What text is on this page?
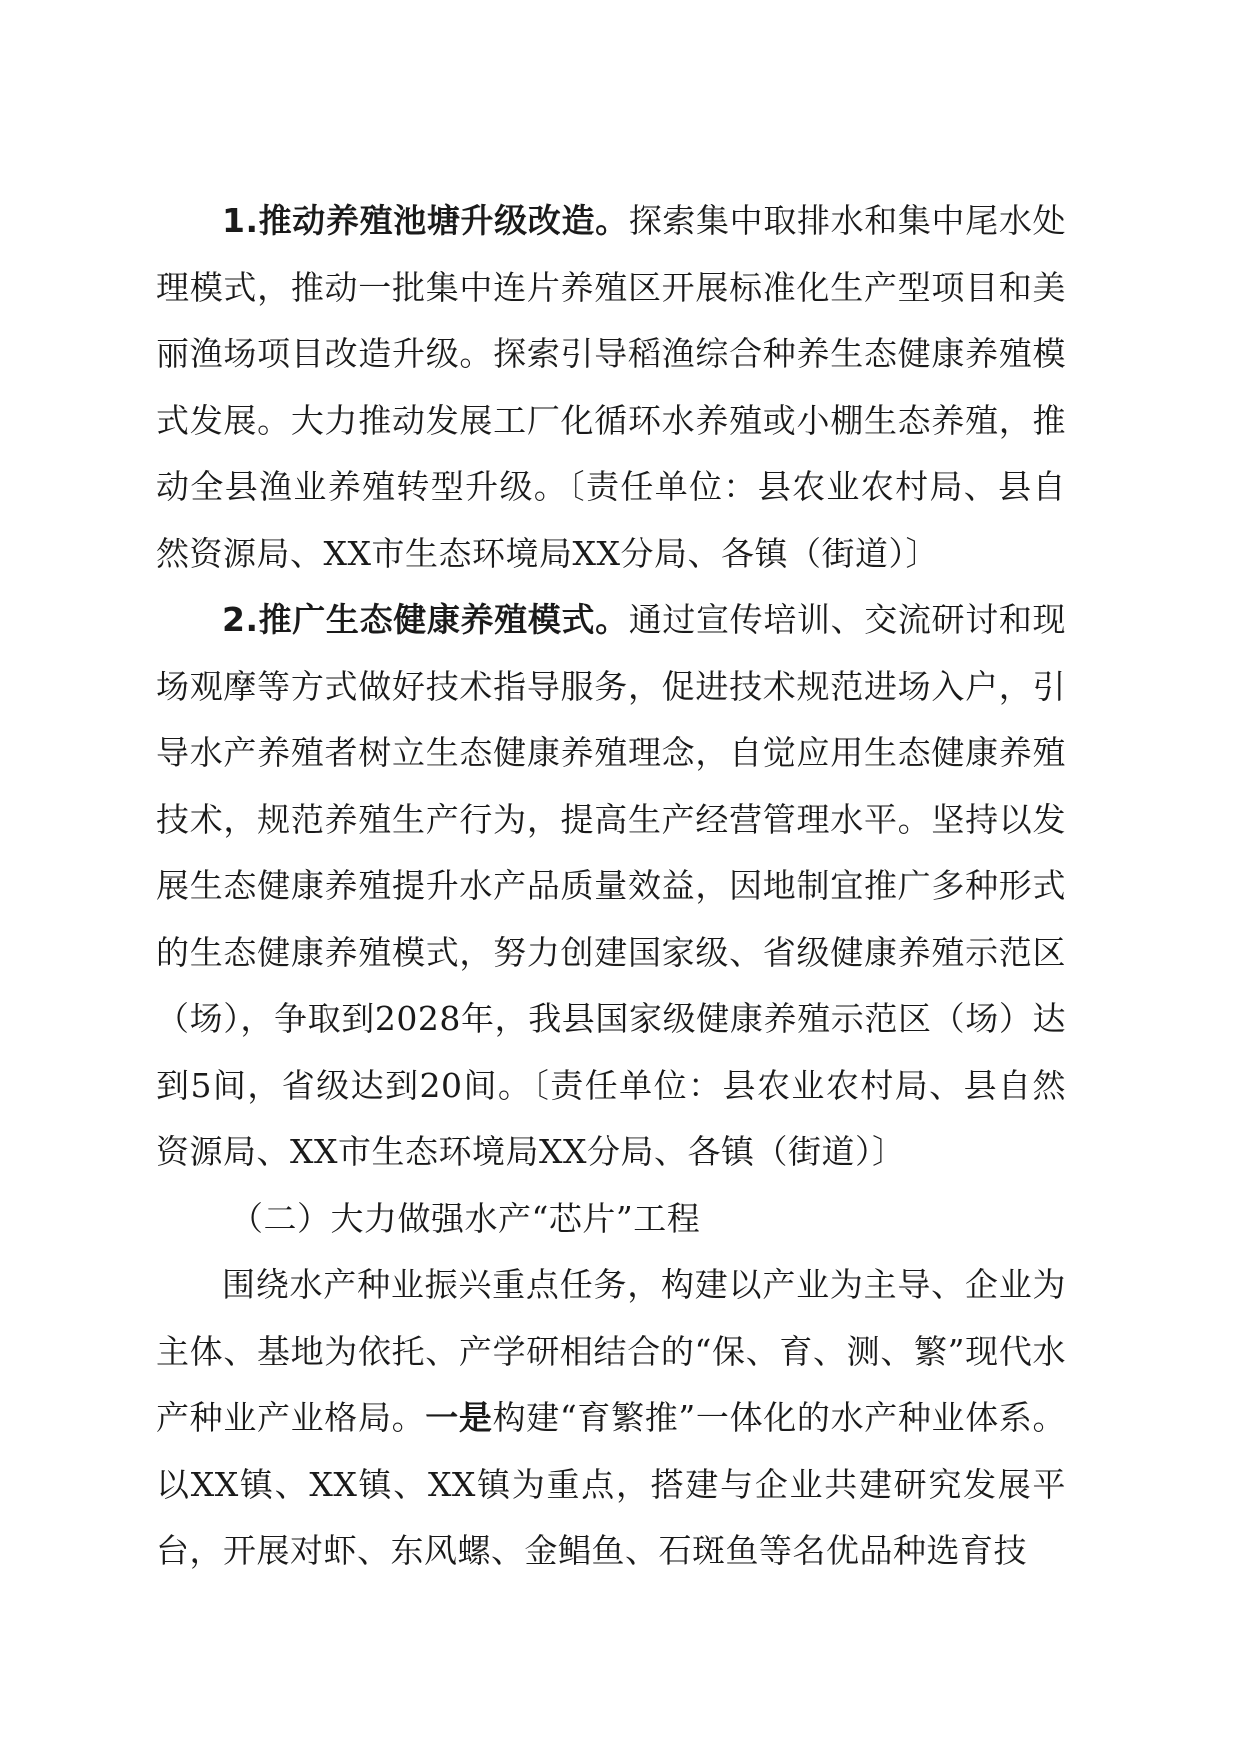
1.推动养殖池塘升级改造。探索集中取排水和集中尾水处理模式，推动一批集中连片养殖区开展标准化生产型项目和美丽渔场项目改造升级。探索引导稻渔综合种养生态健康养殖模式发展。大力推动发展工厂化循环水养殖或小棚生态养殖，推动全县渔业养殖转型升级。〔责任单位：县农业农村局、县自然资源局、XX市生态环境局XX分局、各镇（街道）〕

2.推广生态健康养殖模式。通过宣传培训、交流研讨和现场观摩等方式做好技术指导服务，促进技术规范进场入户，引导水产养殖者树立生态健康养殖理念，自觉应用生态健康养殖技术，规范养殖生产行为，提高生产经营管理水平。坚持以发展生态健康养殖提升水产品质量效益，因地制宜推广多种形式的生态健康养殖模式，努力创建国家级、省级健康养殖示范区（场），争取到2028年，我县国家级健康养殖示范区（场）达到5间，省级达到20间。〔责任单位：县农业农村局、县自然资源局、XX市生态环境局XX分局、各镇（街道）〕

（二）大力做强水产“芯片”工程

围绕水产种业振兴重点任务，构建以产业为主导、企业为主体、基地为依托、产学研相结合的“保、育、测、繁”现代水产种业产业格局。一是构建“育繁推”一体化的水产种业体系。以XX镇、XX镇、XX镇为重点，搭建与企业共建研究发展平台，开展对虾、东风螺、金鲳鱼、石斑鱼等名优品种选育技
